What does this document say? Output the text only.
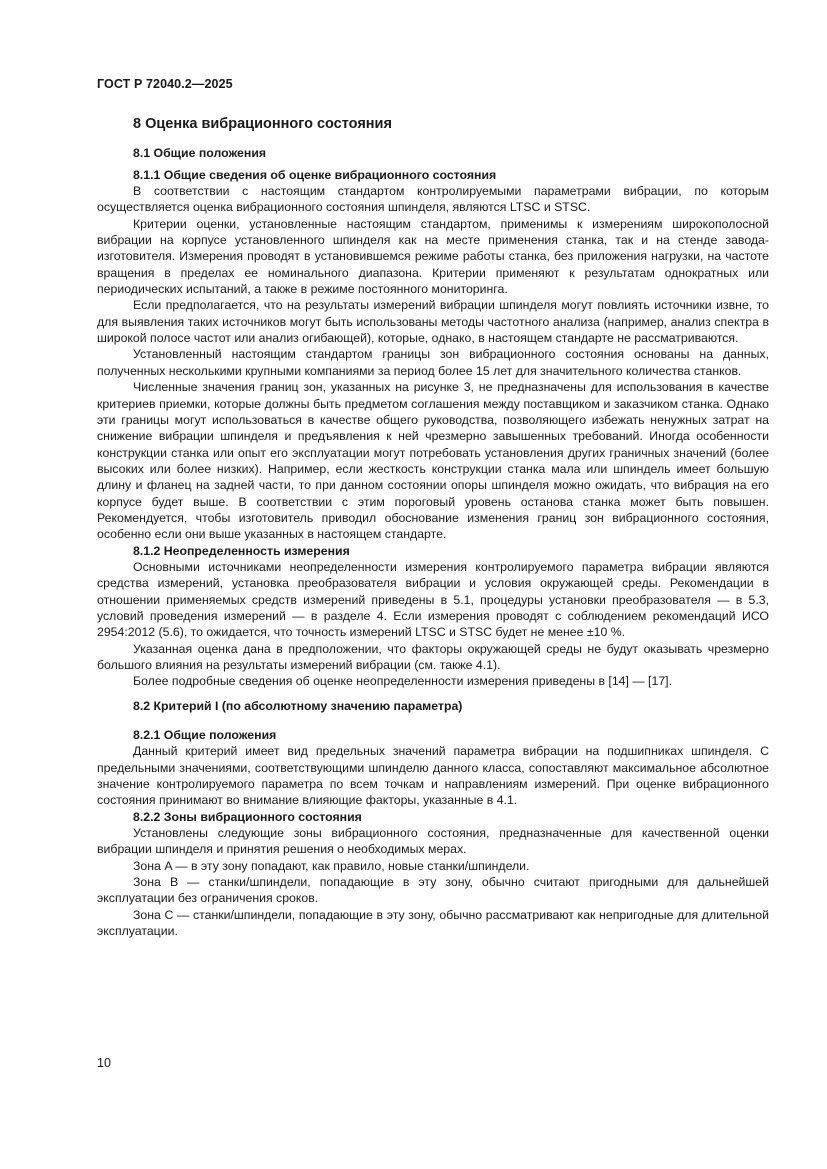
ГОСТ Р 72040.2—2025
8 Оценка вибрационного состояния
8.1 Общие положения
8.1.1 Общие сведения об оценке вибрационного состояния

В соответствии с настоящим стандартом контролируемыми параметрами вибрации, по которым осуществляется оценка вибрационного состояния шпинделя, являются LTSC и STSC.

Критерии оценки, установленные настоящим стандартом, применимы к измерениям широкополосной вибрации на корпусе установленного шпинделя как на месте применения станка, так и на стенде завода-изготовителя. Измерения проводят в установившемся режиме работы станка, без приложения нагрузки, на частоте вращения в пределах ее номинального диапазона. Критерии применяют к результатам однократных или периодических испытаний, а также в режиме постоянного мониторинга.

Если предполагается, что на результаты измерений вибрации шпинделя могут повлиять источники извне, то для выявления таких источников могут быть использованы методы частотного анализа (например, анализ спектра в широкой полосе частот или анализ огибающей), которые, однако, в настоящем стандарте не рассматриваются.

Установленный настоящим стандартом границы зон вибрационного состояния основаны на данных, полученных несколькими крупными компаниями за период более 15 лет для значительного количества станков.

Численные значения границ зон, указанных на рисунке 3, не предназначены для использования в качестве критериев приемки, которые должны быть предметом соглашения между поставщиком и заказчиком станка. Однако эти границы могут использоваться в качестве общего руководства, позволяющего избежать ненужных затрат на снижение вибрации шпинделя и предъявления к ней чрезмерно завышенных требований. Иногда особенности конструкции станка или опыт его эксплуатации могут потребовать установления других граничных значений (более высоких или более низких). Например, если жесткость конструкции станка мала или шпиндель имеет большую длину и фланец на задней части, то при данном состоянии опоры шпинделя можно ожидать, что вибрация на его корпусе будет выше. В соответствии с этим пороговый уровень останова станка может быть повышен. Рекомендуется, чтобы изготовитель приводил обоснование изменения границ зон вибрационного состояния, особенно если они выше указанных в настоящем стандарте.

8.1.2 Неопределенность измерения

Основными источниками неопределенности измерения контролируемого параметра вибрации являются средства измерений, установка преобразователя вибрации и условия окружающей среды. Рекомендации в отношении применяемых средств измерений приведены в 5.1, процедуры установки преобразователя — в 5.3, условий проведения измерений — в разделе 4. Если измерения проводят с соблюдением рекомендаций ИСО 2954:2012 (5.6), то ожидается, что точность измерений LTSC и STSC будет не менее ±10 %.

Указанная оценка дана в предположении, что факторы окружающей среды не будут оказывать чрезмерно большого влияния на результаты измерений вибрации (см. также 4.1).

Более подробные сведения об оценке неопределенности измерения приведены в [14] — [17].

8.2 Критерий I (по абсолютному значению параметра)
8.2.1 Общие положения

Данный критерий имеет вид предельных значений параметра вибрации на подшипниках шпинделя. С предельными значениями, соответствующими шпинделю данного класса, сопоставляют максимальное абсолютное значение контролируемого параметра по всем точкам и направлениям измерений. При оценке вибрационного состояния принимают во внимание влияющие факторы, указанные в 4.1.

8.2.2 Зоны вибрационного состояния

Установлены следующие зоны вибрационного состояния, предназначенные для качественной оценки вибрации шпинделя и принятия решения о необходимых мерах.

Зона A — в эту зону попадают, как правило, новые станки/шпиндели.

Зона B — станки/шпиндели, попадающие в эту зону, обычно считают пригодными для дальнейшей эксплуатации без ограничения сроков.

Зона C — станки/шпиндели, попадающие в эту зону, обычно рассматривают как непригодные для длительной эксплуатации.

10
